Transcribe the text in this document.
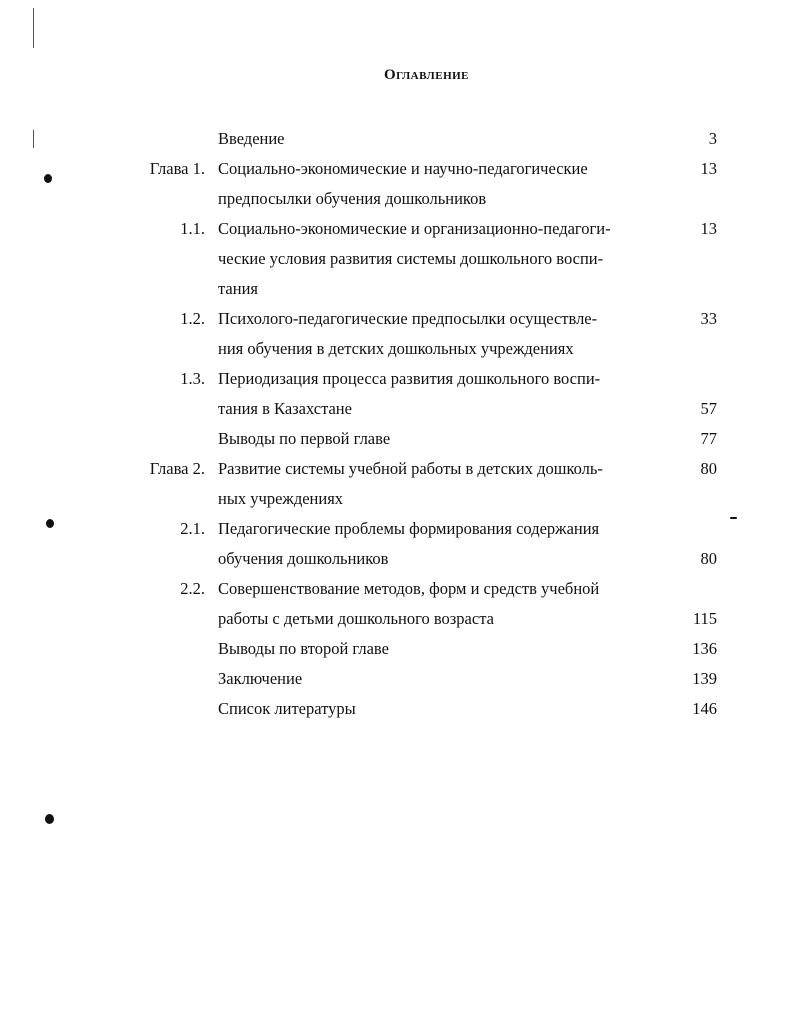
Оглавление
Введение	3
Глава 1. Социально-экономические и научно-педагогические	13
предпосылки обучения дошкольников
1.1. Социально-экономические и организационно-педагоги-	13
ческие условия развития системы дошкольного воспи-
тания
1.2. Психолого-педагогические предпосылки осуществле-	33
ния обучения в детских дошкольных учреждениях
1.3. Периодизация процесса развития дошкольного воспи-
тания в Казахстане	57
Выводы по первой главе	77
Глава 2. Развитие системы учебной работы в детских дошколь-	80
ных учреждениях
2.1. Педагогические проблемы формирования содержания
обучения дошкольников	80
2.2. Совершенствование методов, форм и средств учебной
работы с детьми дошкольного возраста	115
Выводы по второй главе	136
Заключение	139
Список литературы	146
